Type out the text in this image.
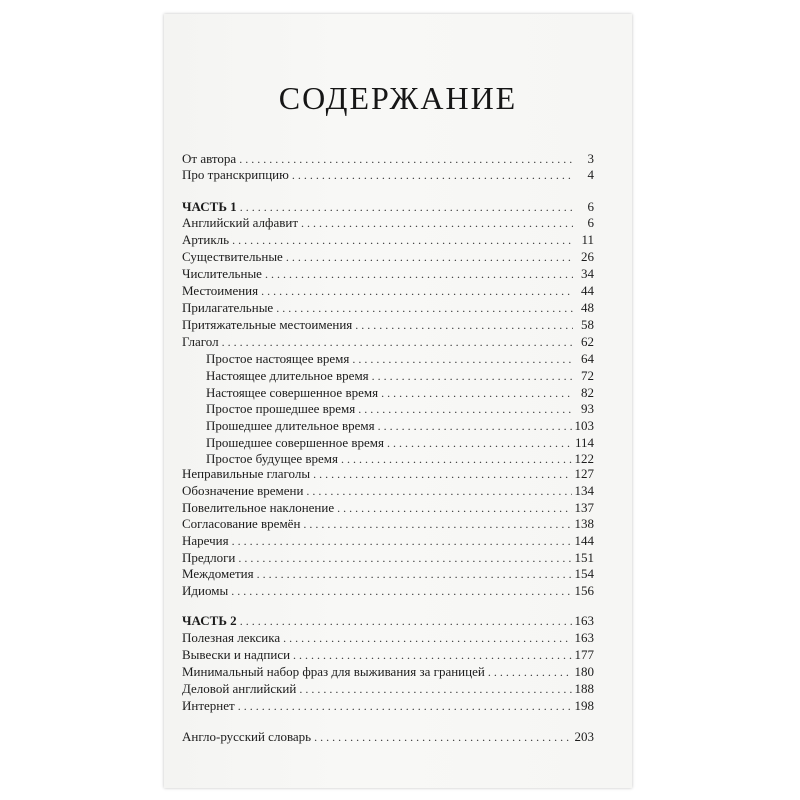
СОДЕРЖАНИЕ
От автора . . .	3
Про транскрипцию . . .	4
ЧАСТЬ 1 . . .	6
Английский алфавит . . .	6
Артикль . . .	11
Существительные . . .	26
Числительные . . .	34
Местоимения . . .	44
Прилагательные . . .	48
Притяжательные местоимения . . .	58
Глагол . . .	62
Простое настоящее время . . .	64
Настоящее длительное время . . .	72
Настоящее совершенное время . . .	82
Простое прошедшее время . . .	93
Прошедшее длительное время . . .	103
Прошедшее совершенное время . . .	114
Простое будущее время . . .	122
Неправильные глаголы . . .	127
Обозначение времени . . .	134
Повелительное наклонение . . .	137
Согласование времён . . .	138
Наречия . . .	144
Предлоги . . .	151
Междометия . . .	154
Идиомы . . .	156
ЧАСТЬ 2 . . .	163
Полезная лексика . . .	163
Вывески и надписи . . .	177
Минимальный набор фраз для выживания за границей . . .	180
Деловой английский . . .	188
Интернет . . .	198
Англо-русский словарь . . .	203
